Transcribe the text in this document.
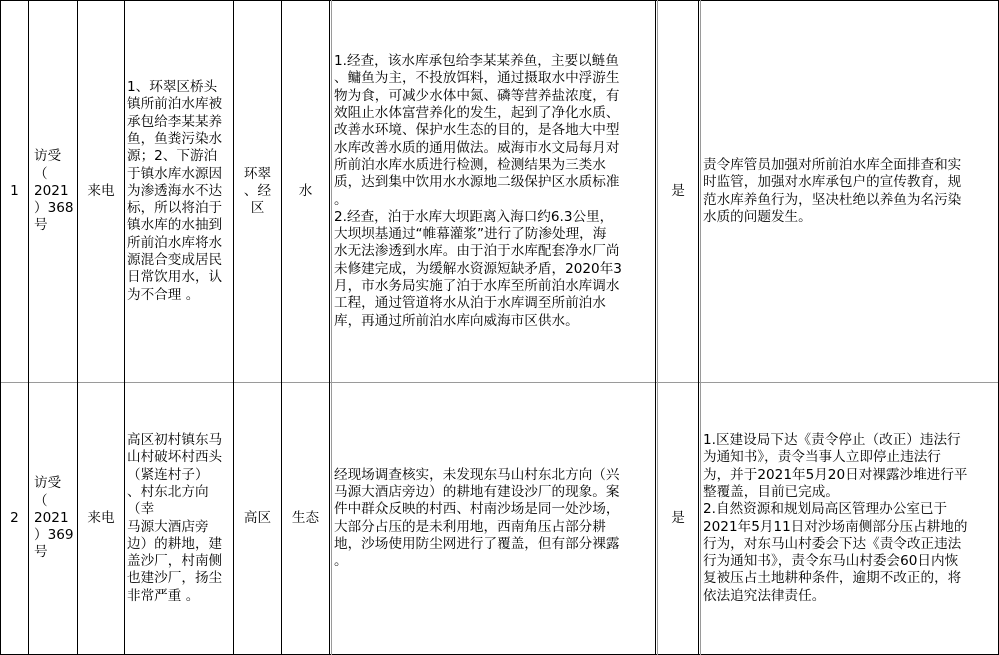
1
访受
（
2021
）368
号
来电
1、环翠区桥头
镇所前泊水库被
承包给李某某养
鱼，鱼粪污染水
源；2、下游泊
于镇水库水源因
为渗透海水不达
标，所以将泊于
镇水库的水抽到
所前泊水库将水
源混合变成居民
日常饮用水，认
为不合理 。
环翠
、经
区
水
1.经查，该水库承包给李某某养鱼，主要以鲢鱼
、鳙鱼为主，不投放饵料，通过摄取水中浮游生
物为食，可减少水体中氮、磷等营养盐浓度，有
效阻止水体富营养化的发生，起到了净化水质、
改善水环境、保护水生态的目的，是各地大中型
水库改善水质的通用做法。威海市水文局每月对
所前泊水库水质进行检测，检测结果为三类水
质，达到集中饮用水水源地二级保护区水质标准
。
2.经查，泊于水库大坝距离入海口约6.3公里，
大坝坝基通过“帷幕灌浆”进行了防渗处理，海
水无法渗透到水库。由于泊于水库配套净水厂尚
未修建完成，为缓解水资源短缺矛盾，2020年3
月，市水务局实施了泊于水库至所前泊水库调水
工程，通过管道将水从泊于水库调至所前泊水
库，再通过所前泊水库向威海市区供水。
是
责令库管员加强对所前泊水库全面排查和实
时监管，加强对水库承包户的宣传教育，规
范水库养鱼行为，坚决杜绝以养鱼为名污染
水质的问题发生。
2
访受
（
2021
）369
号
来电
高区初村镇东马
山村破坏村西头
（紧连村子）
、村东北方向（幸
马源大酒店旁
边）的耕地，建
盖沙厂，村南侧
也建沙厂，扬尘
非常严重 。
高区 生态
经现场调查核实，未发现东马山村东北方向（兴
马源大酒店旁边）的耕地有建设沙厂的现象。案
件中群众反映的村西、村南沙场是同一处沙场，
大部分占压的是未利用地，西南角压占部分耕
地，沙场使用防尘网进行了覆盖，但有部分裸露
。
是
1.区建设局下达《责令停止（改正）违法行
为通知书》，责令当事人立即停止违法行
为，并于2021年5月20日对裸露沙堆进行平
整覆盖，目前已完成。
2.自然资源和规划局高区管理办公室已于
2021年5月11日对沙场南侧部分压占耕地的
行为，对东马山村委会下达《责令改正违法
行为通知书》，责令东马山村委会60日内恢
复被压占土地耕种条件，逾期不改正的，将
依法追究法律责任。
